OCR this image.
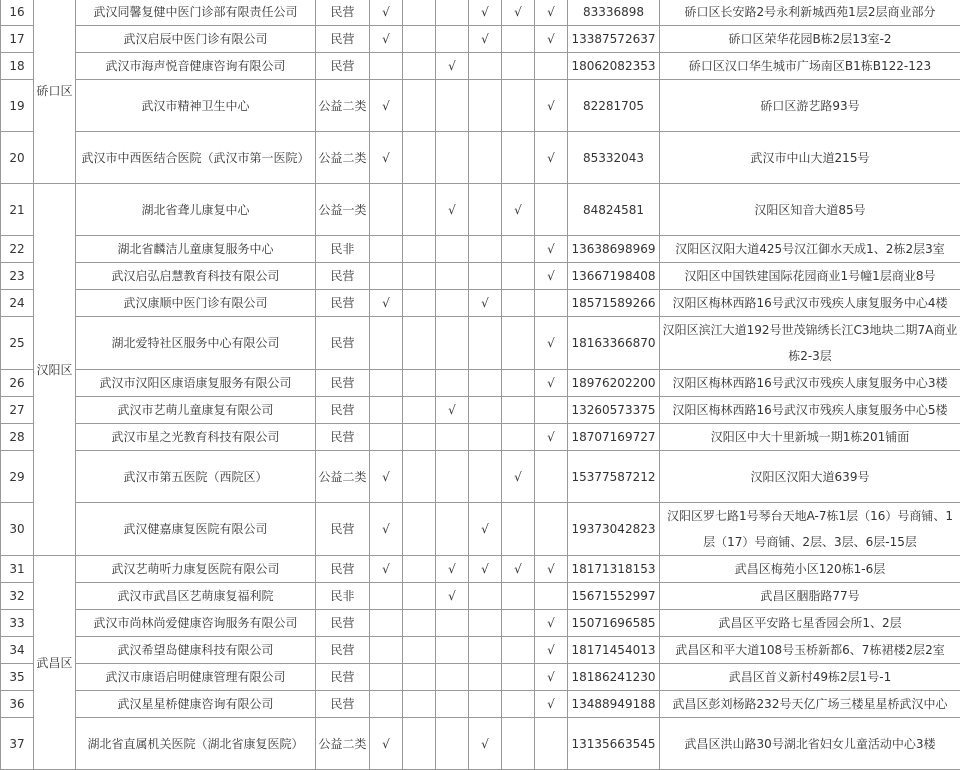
16	硚口区	武汉同馨复健中医门诊部有限责任公司	民营	√			√	√	√	83336898	硚口区长安路2号永利新城西苑1层2层商业部分
17		武汉启辰中医门诊有限公司	民营	√			√		√	13387572637	硚口区荣华花园B栋2层13室-2
18		武汉市海声悦音健康咨询有限公司	民营			√				18062082353	硚口区汉口华生城市广场南区B1栋B122-123
19		武汉市精神卫生中心	公益二类	√					√	82281705	硚口区游艺路93号
20		武汉市中西医结合医院（武汉市第一医院）	公益二类	√					√	85332043	武汉市中山大道215号
21	汉阳区	湖北省聋儿康复中心	公益一类			√		√		84824581	汉阳区知音大道85号
22		湖北省麟洁儿童康复服务中心	民非						√	13638698969	汉阳区汉阳大道425号汉江御水天成1、2栋2层3室
23		武汉启弘启慧教育科技有限公司	民营						√	13667198408	汉阳区中国铁建国际花园商业1号幢1层商业8号
24		武汉康顺中医门诊有限公司	民营	√			√			18571589266	汉阳区梅林西路16号武汉市残疾人康复服务中心4楼
25		湖北爱特社区服务中心有限公司	民营						√	18163366870	汉阳区滨江大道192号世茂锦绣长江C3地块二期7A商业栋2-3层
26		武汉市汉阳区康语康复服务有限公司	民营						√	18976202200	汉阳区梅林西路16号武汉市残疾人康复服务中心3楼
27		武汉市艺萌儿童康复有限公司	民营			√				13260573375	汉阳区梅林西路16号武汉市残疾人康复服务中心5楼
28		武汉市星之光教育科技有限公司	民营						√	18707169727	汉阳区中大十里新城一期1栋201铺面
29		武汉市第五医院（西院区）	公益二类	√				√		15377587212	汉阳区汉阳大道639号
30		武汉健嘉康复医院有限公司	民营	√			√			19373042823	汉阳区罗七路1号琴台天地A-7栋1层（16）号商铺、1层（17）号商铺、2层、3层、6层-15层
31	武昌区	武汉艺萌听力康复医院有限公司	民营	√		√	√	√	√	18171318153	武昌区梅苑小区120栋1-6层
32		武汉市武昌区艺萌康复福利院	民非			√				15671552997	武昌区胭脂路77号
33		武汉市尚林尚爱健康咨询服务有限公司	民营						√	15071696585	武昌区平安路七星香园会所1、2层
34		武汉希望岛健康科技有限公司	民营						√	18171454013	武昌区和平大道108号玉桥新都6、7栋裙楼2层2室
35		武汉市康语启明健康管理有限公司	民营						√	18186241230	武昌区首义新村49栋2层1号-1
36		武汉星星桥健康咨询有限公司	民营						√	13488949188	武昌区彭刘杨路232号天亿广场三楼星星桥武汉中心
37		湖北省直属机关医院（湖北省康复医院）	公益二类	√			√			13135663545	武昌区洪山路30号湖北省妇女儿童活动中心3楼
